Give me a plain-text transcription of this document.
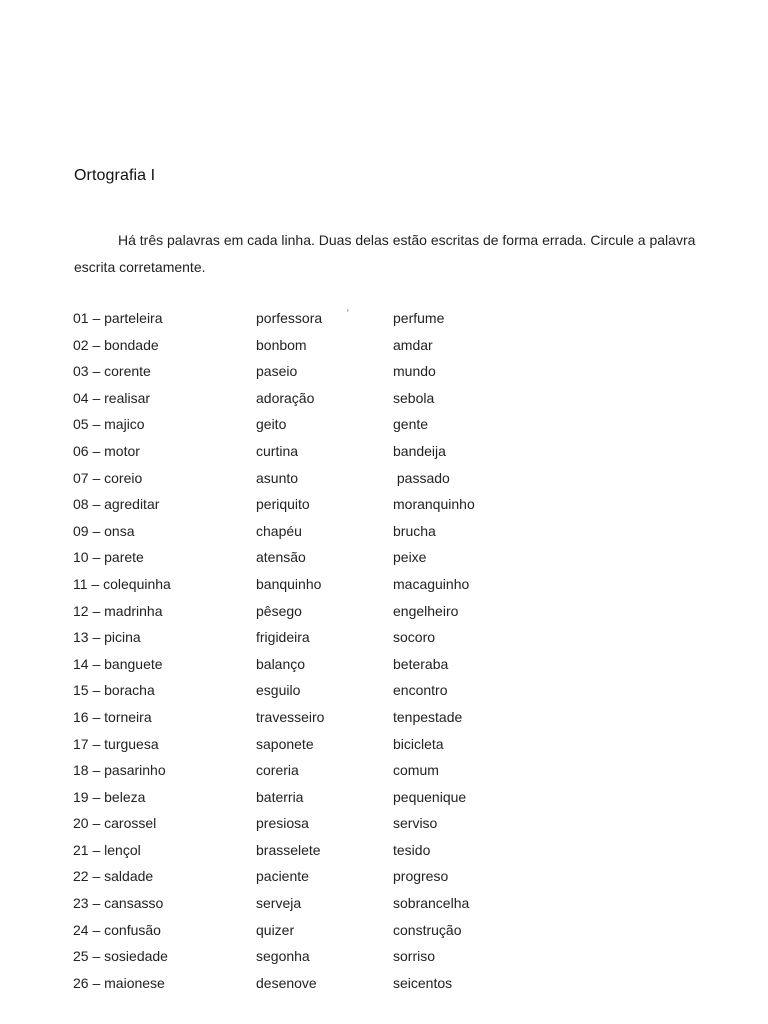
Ortografia I
Há três palavras em cada linha. Duas delas estão escritas de forma errada. Circule a palavra escrita corretamente.
'
01 – parteleira	porfessora	perfume
02 – bondade	bonbom	amdar
03 – corente	paseio	mundo
04 – realisar	adoração	sebola
05 – majico	geito	gente
06 – motor	curtina	bandeija
07 – coreio	asunto	passado
08 – agreditar	periquito	moranquinho
09 – onsa	chapéu	brucha
10 – parete	atensão	peixe
11 – colequinha	banquinho	macaguinho
12 – madrinha	pêsego	engelheiro
13 – picina	frigideira	socoro
14 – banguete	balanço	beteraba
15 – boracha	esguilo	encontro
16 – torneira	travesseiro	tenpestade
17 – turguesa	saponete	bicicleta
18 – pasarinho	coreria	comum
19 – beleza	baterria	pequenique
20 – carossel	presiosa	serviso
21 – lençol	brasselete	tesido
22 – saldade	paciente	progreso
23 – cansasso	serveja	sobrancelha
24 – confusão	quizer	construção
25 – sosiedade	segonha	sorriso
26 – maionese	desenove	seicentos
